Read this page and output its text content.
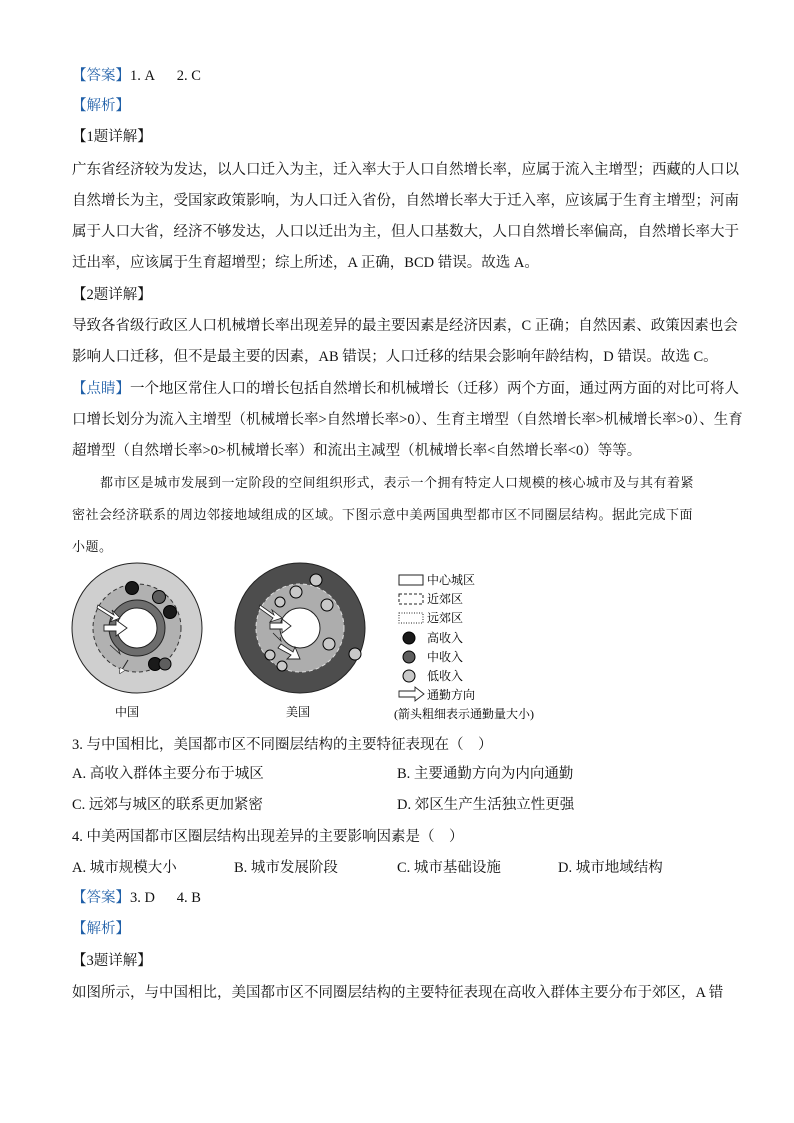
【答案】1. A      2. C
【解析】
【1题详解】
广东省经济较为发达，以人口迁入为主，迁入率大于人口自然增长率，应属于流入主增型；西藏的人口以
自然增长为主，受国家政策影响，为人口迁入省份，自然增长率大于迁入率，应该属于生育主增型；河南
属于人口大省，经济不够发达，人口以迁出为主，但人口基数大，人口自然增长率偏高，自然增长率大于
迁出率，应该属于生育超增型；综上所述，A 正确，BCD 错误。故选 A。
【2题详解】
导致各省级行政区人口机械增长率出现差异的最主要因素是经济因素，C 正确；自然因素、政策因素也会
影响人口迁移，但不是最主要的因素，AB 错误；人口迁移的结果会影响年龄结构，D 错误。故选 C。
【点睛】一个地区常住人口的增长包括自然增长和机械增长（迁移）两个方面，通过两方面的对比可将人
口增长划分为流入主增型（机械增长率>自然增长率>0）、生育主增型（自然增长率>机械增长率>0）、生育
超增型（自然增长率>0>机械增长率）和流出主减型（机械增长率<自然增长率<0）等等。
都市区是城市发展到一定阶段的空间组织形式，表示一个拥有特定人口规模的核心城市及与其有着紧
密社会经济联系的周边邻接地域组成的区域。下图示意中美两国典型都市区不同圈层结构。据此完成下面
小题。
中国	美国
中心城区
近郊区
远郊区
高收入
中收入
低收入
通勤方向
(箭头粗细表示通勤量大小)
3. 与中国相比，美国都市区不同圈层结构的主要特征表现在（    ）
A. 高收入群体主要分布于城区	B. 主要通勤方向为内向通勤
C. 远郊与城区的联系更加紧密	D. 郊区生产生活独立性更强
4. 中美两国都市区圈层结构出现差异的主要影响因素是（    ）
A. 城市规模大小	B. 城市发展阶段	C. 城市基础设施	D. 城市地域结构
【答案】3. D      4. B
【解析】
【3题详解】
如图所示，与中国相比，美国都市区不同圈层结构的主要特征表现在高收入群体主要分布于郊区，A 错
